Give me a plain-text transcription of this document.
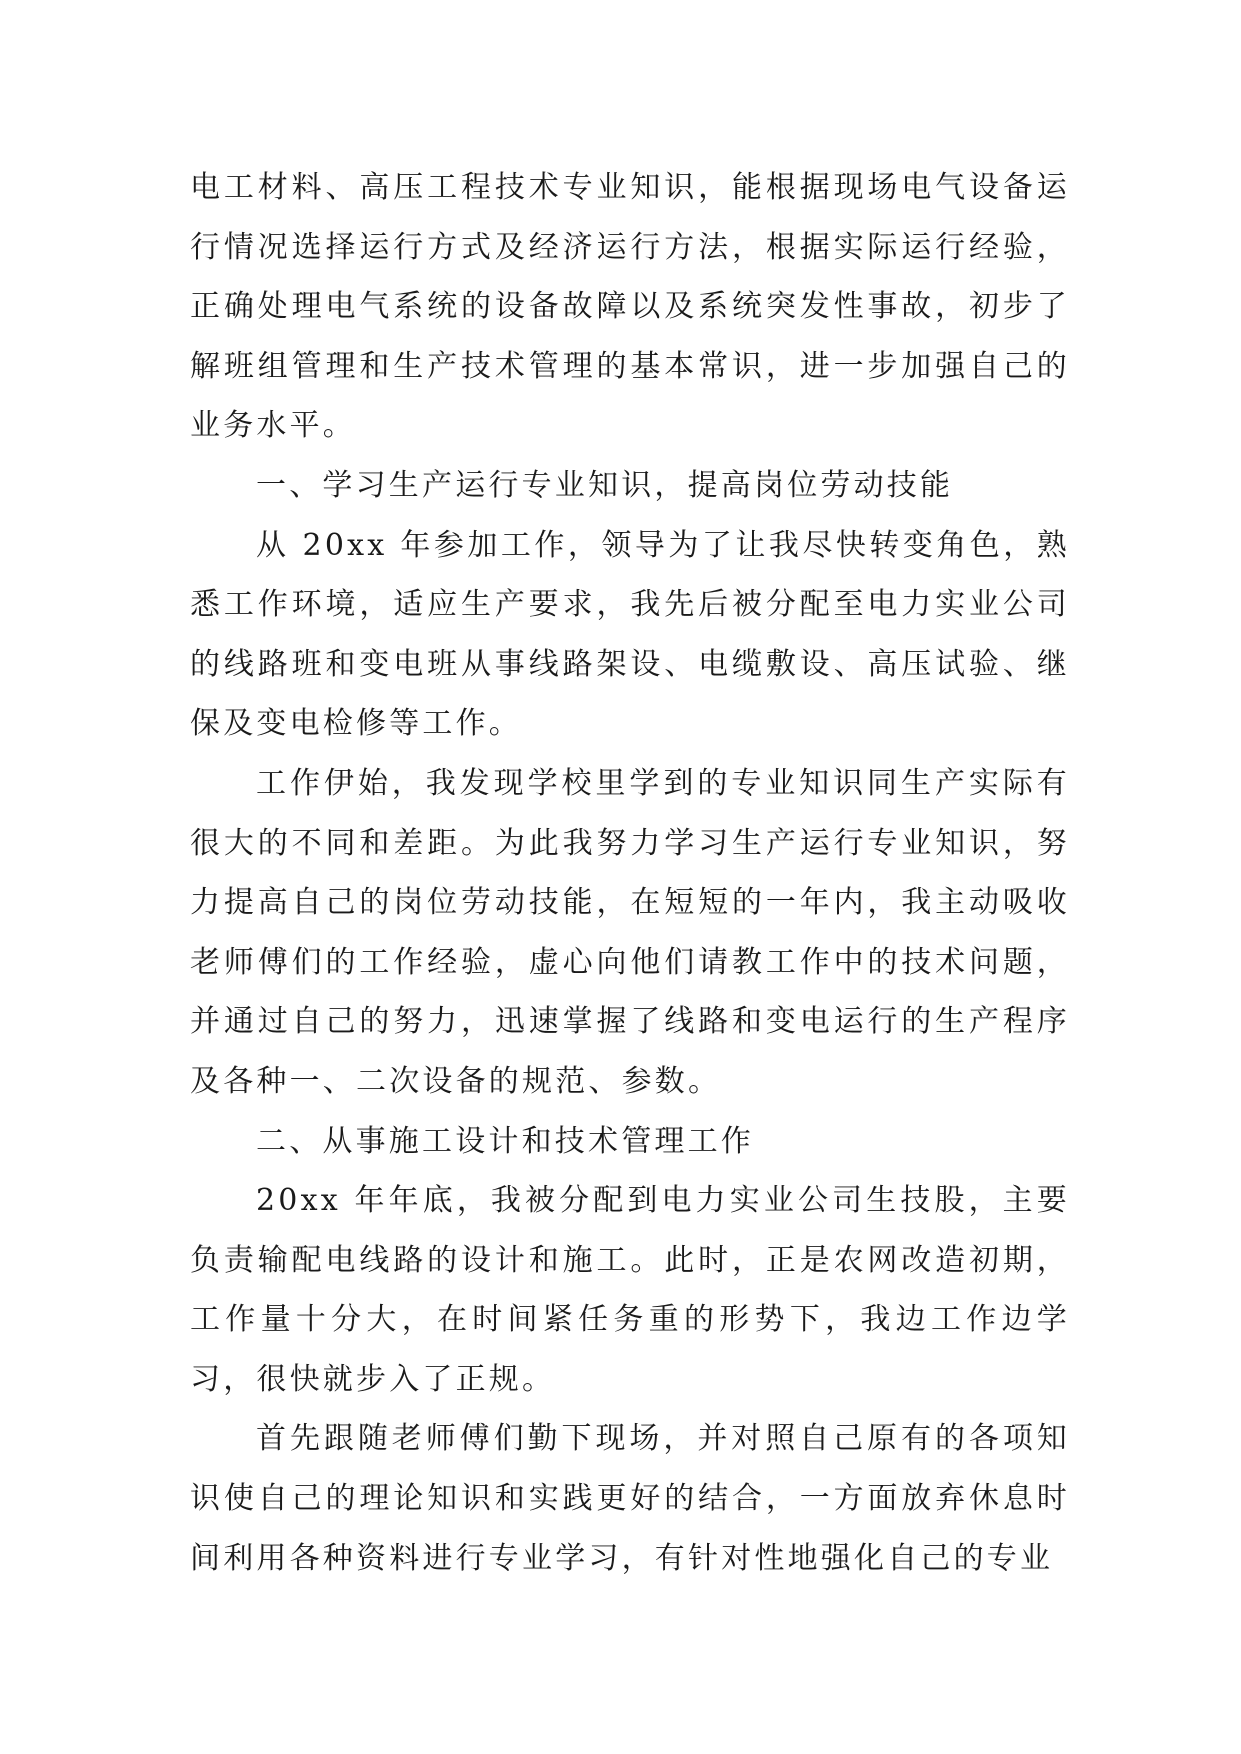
电工材料、高压工程技术专业知识，能根据现场电气设备运行情况选择运行方式及经济运行方法，根据实际运行经验，正确处理电气系统的设备故障以及系统突发性事故，初步了解班组管理和生产技术管理的基本常识，进一步加强自己的业务水平。

一、学习生产运行专业知识，提高岗位劳动技能

从 20xx 年参加工作，领导为了让我尽快转变角色，熟悉工作环境，适应生产要求，我先后被分配至电力实业公司的线路班和变电班从事线路架设、电缆敷设、高压试验、继保及变电检修等工作。

工作伊始，我发现学校里学到的专业知识同生产实际有很大的不同和差距。为此我努力学习生产运行专业知识，努力提高自己的岗位劳动技能，在短短的一年内，我主动吸收老师傅们的工作经验，虚心向他们请教工作中的技术问题，并通过自己的努力，迅速掌握了线路和变电运行的生产程序及各种一、二次设备的规范、参数。

二、从事施工设计和技术管理工作

20xx 年年底，我被分配到电力实业公司生技股，主要负责输配电线路的设计和施工。此时，正是农网改造初期，工作量十分大，在时间紧任务重的形势下，我边工作边学习，很快就步入了正规。

首先跟随老师傅们勤下现场，并对照自己原有的各项知识使自己的理论知识和实践更好的结合，一方面放弃休息时间利用各种资料进行专业学习，有针对性地强化自己的专业
